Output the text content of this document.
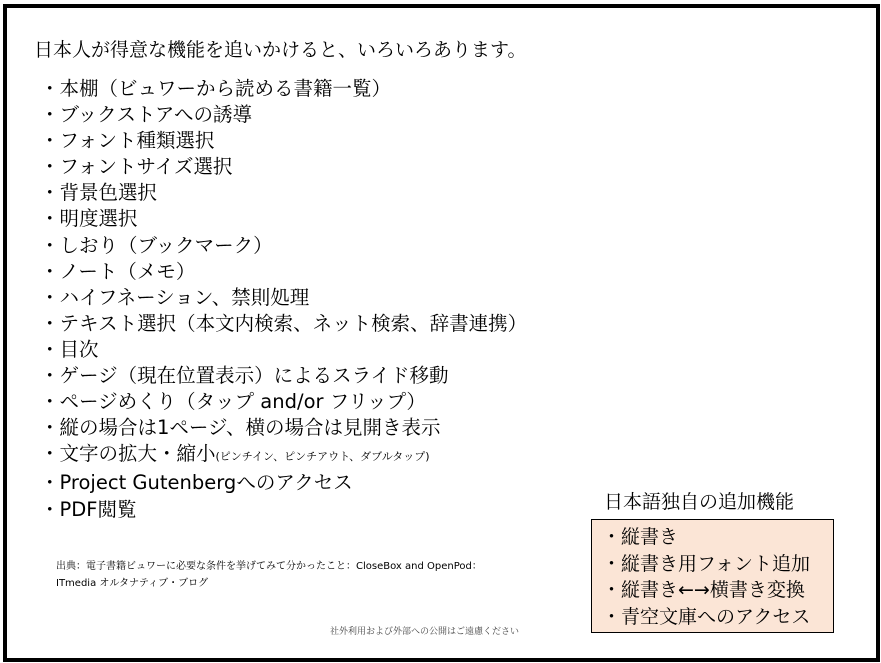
日本人が得意な機能を追いかけると、いろいろあります。
・本棚（ビュワーから読める書籍一覧）
・ブックストアへの誘導
・フォント種類選択
・フォントサイズ選択
・背景色選択
・明度選択
・しおり（ブックマーク）
・ノート（メモ）
・ハイフネーション、禁則処理
・テキスト選択（本文内検索、ネット検索、辞書連携）
・目次
・ゲージ（現在位置表示）によるスライド移動
・ページめくり（タップ and/or フリップ）
・縦の場合は1ページ、横の場合は見開き表示
・文字の拡大・縮小(ピンチイン、ピンチアウト、ダブルタップ)
・Project Gutenbergへのアクセス
・PDF閲覧
出典：電子書籍ビュワーに必要な条件を挙げてみて分かったこと：CloseBox and OpenPod：
ITmedia オルタナティブ・ブログ
社外利用および外部への公開はご遠慮ください
日本語独自の追加機能
・縦書き
・縦書き用フォント追加
・縦書き←→横書き変換
・青空文庫へのアクセス
